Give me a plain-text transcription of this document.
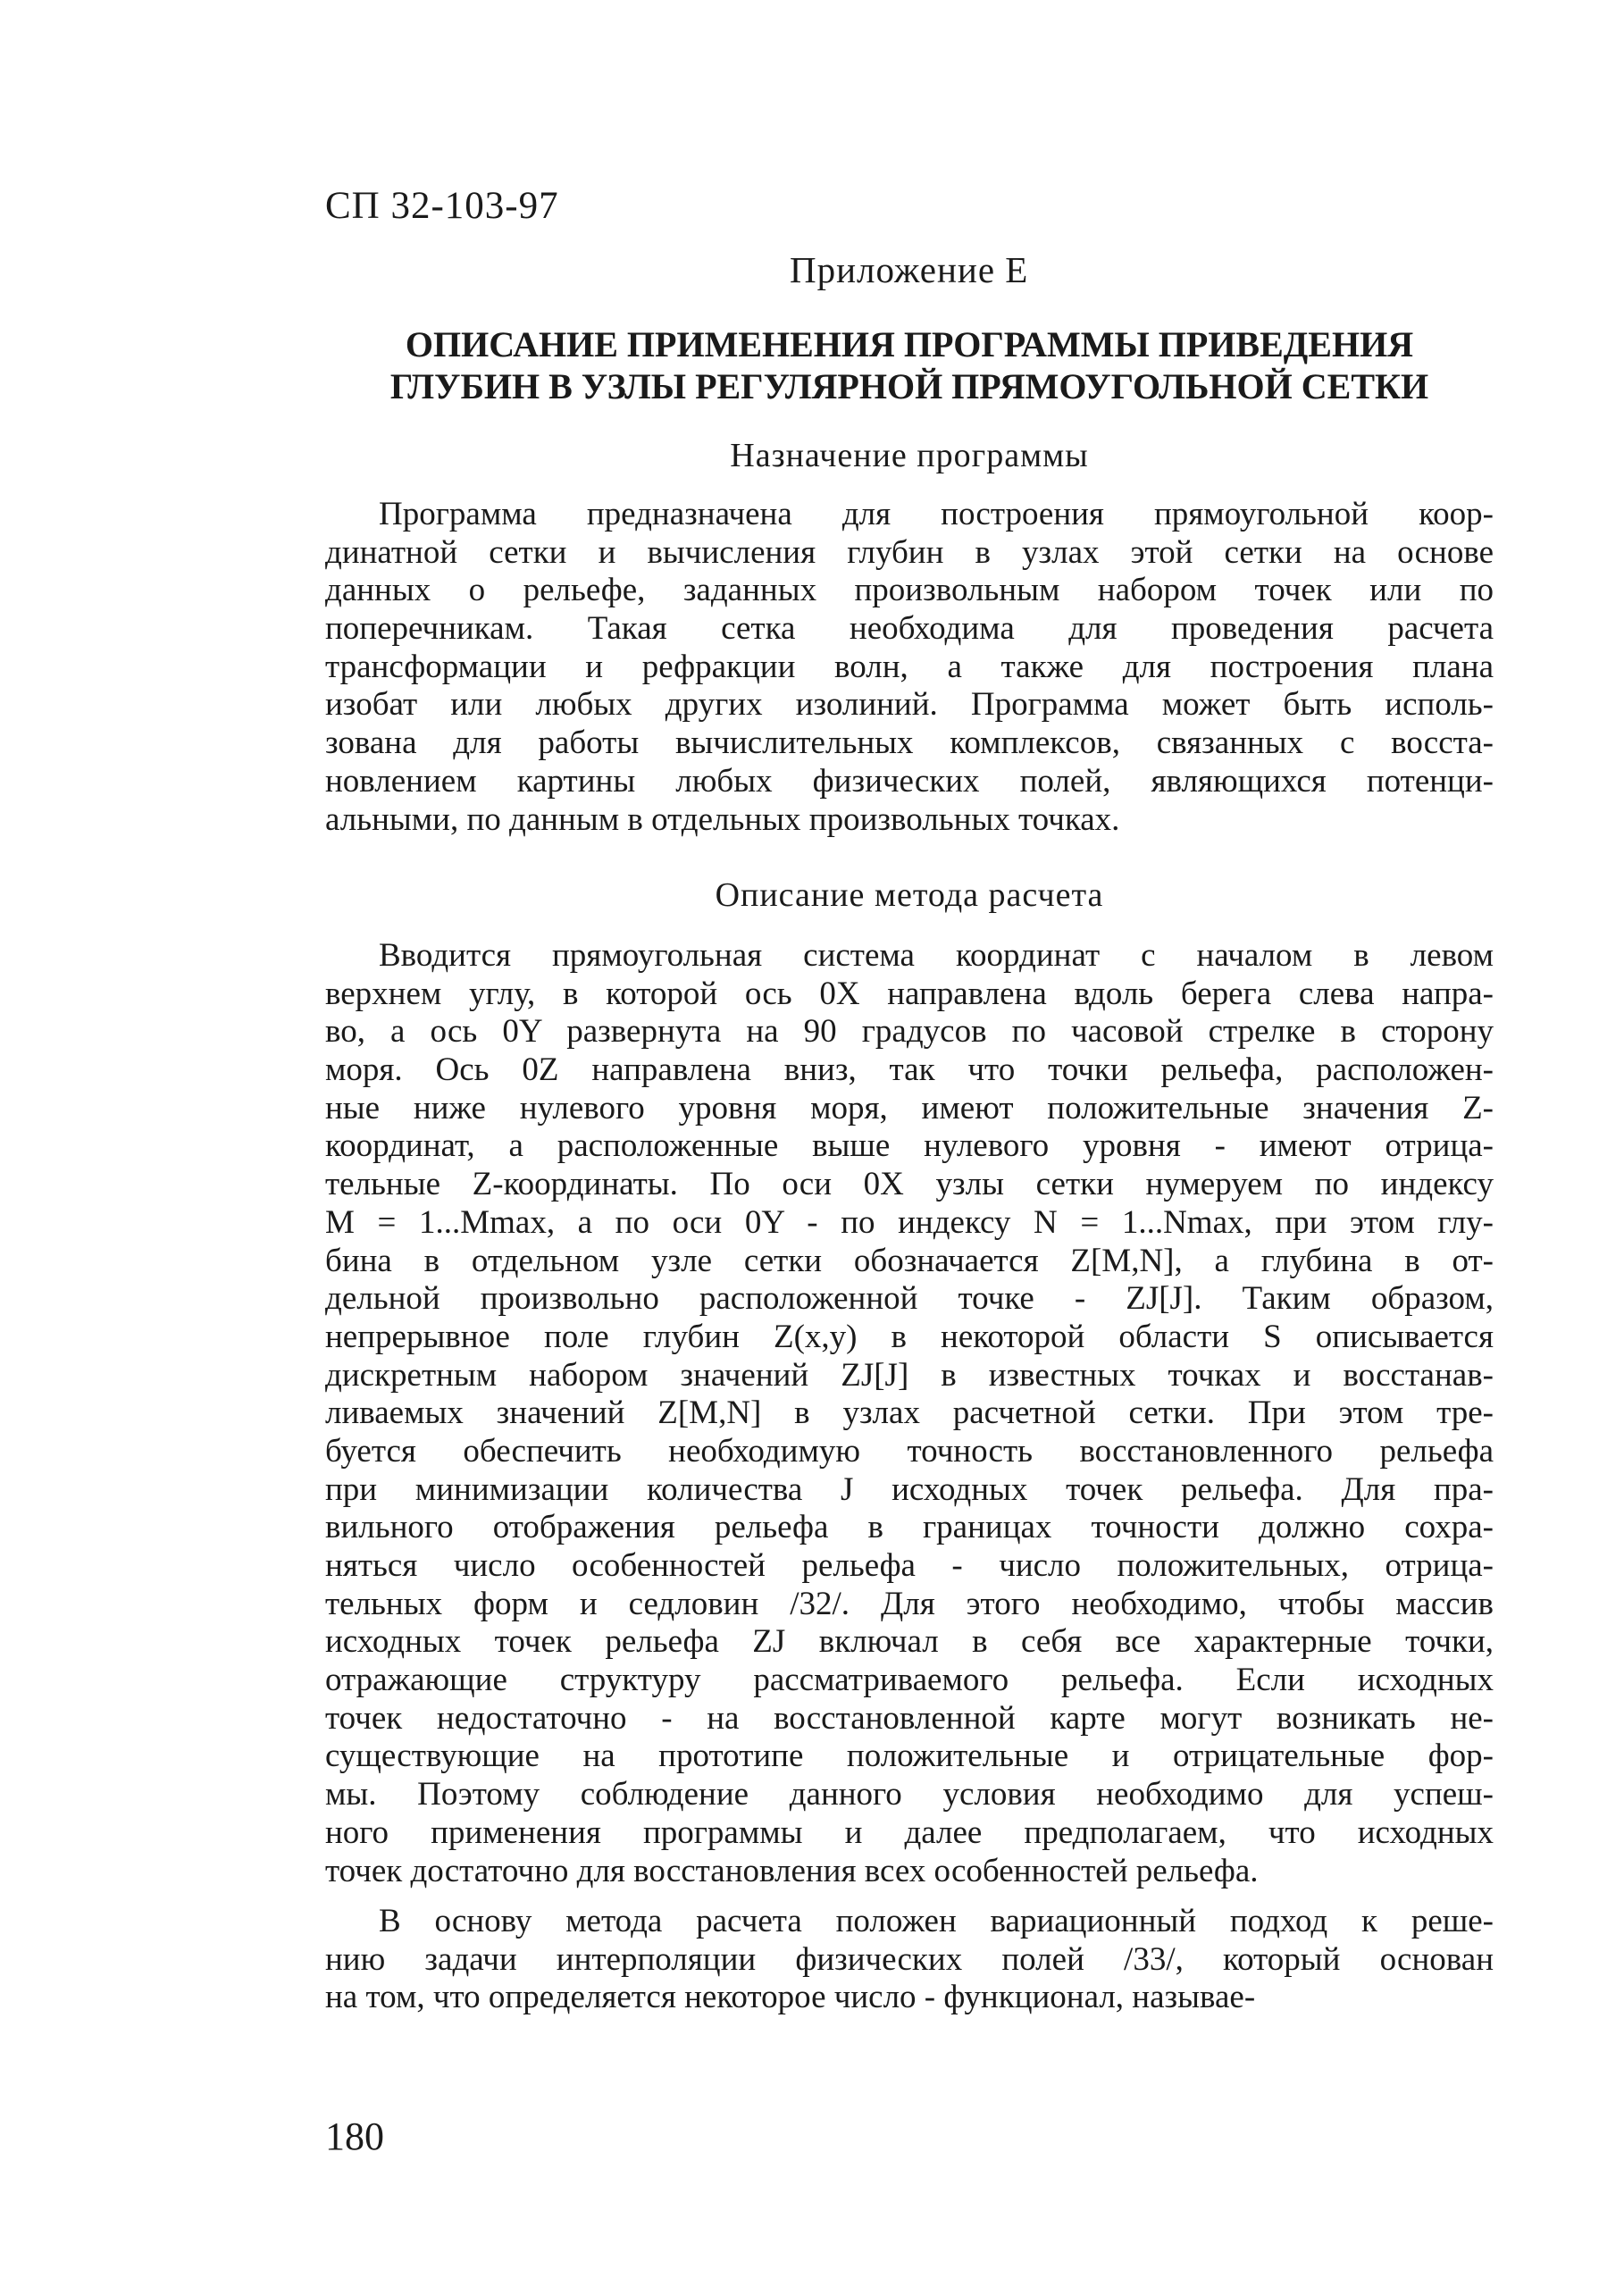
СП 32-103-97
Приложение Е
ОПИСАНИЕ ПРИМЕНЕНИЯ ПРОГРАММЫ ПРИВЕДЕНИЯ
ГЛУБИН В УЗЛЫ РЕГУЛЯРНОЙ ПРЯМОУГОЛЬНОЙ СЕТКИ
Назначение программы
Программа предназначена для построения прямоугольной коор-
динатной сетки и вычисления глубин в узлах этой сетки на основе
данных о рельефе, заданных произвольным набором точек или по
поперечникам. Такая сетка необходима для проведения расчета
трансформации и рефракции волн, а также для построения плана
изобат или любых других изолиний. Программа может быть исполь-
зована для работы вычислительных комплексов, связанных с восста-
новлением картины любых физических полей, являющихся потенци-
альными, по данным в отдельных произвольных точках.
Описание метода расчета
Вводится прямоугольная система координат с началом в левом
верхнем углу, в которой ось 0X направлена вдоль берега слева напра-
во, а ось 0Y развернута на 90 градусов по часовой стрелке в сторону
моря. Ось 0Z направлена вниз, так что точки рельефа, расположен-
ные ниже нулевого уровня моря, имеют положительные значения Z-
координат, а расположенные выше нулевого уровня - имеют отрица-
тельные Z-координаты. По оси 0X узлы сетки нумеруем по индексу
M = 1...Mmax, а по оси 0Y - по индексу N = 1...Nmax, при этом глу-
бина в отдельном узле сетки обозначается Z[M,N], а глубина в от-
дельной произвольно расположенной точке - ZJ[J]. Таким образом,
непрерывное поле глубин Z(x,y) в некоторой области S описывается
дискретным набором значений ZJ[J] в известных точках и восстанав-
ливаемых значений Z[M,N] в узлах расчетной сетки. При этом тре-
буется обеспечить необходимую точность восстановленного рельефа
при минимизации количества J исходных точек рельефа. Для пра-
вильного отображения рельефа в границах точности должно сохра-
няться число особенностей рельефа - число положительных, отрица-
тельных форм и седловин /32/. Для этого необходимо, чтобы массив
исходных точек рельефа ZJ включал в себя все характерные точки,
отражающие структуру рассматриваемого рельефа. Если исходных
точек недостаточно - на восстановленной карте могут возникать не-
существующие на прототипе положительные и отрицательные фор-
мы. Поэтому соблюдение данного условия необходимо для успеш-
ного применения программы и далее предполагаем, что исходных
точек достаточно для восстановления всех особенностей рельефа.
В основу метода расчета положен вариационный подход к реше-
нию задачи интерполяции физических полей /33/, который основан
на том, что определяется некоторое число - функционал, называе-
180
